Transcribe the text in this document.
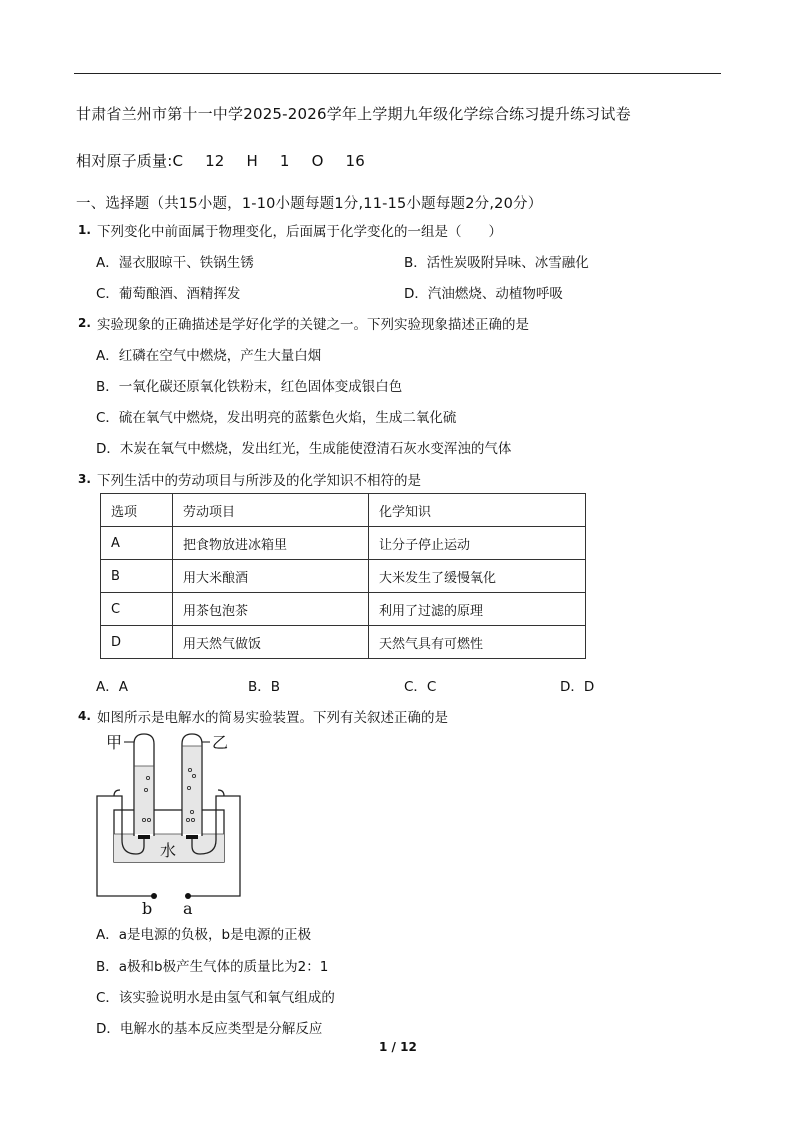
甘肃省兰州市第十一中学2025-2026学年上学期九年级化学综合练习提升练习试卷
相对原子质量:C  12  H  1  O  16
一、选择题（共15小题，1-10小题每题1分,11-15小题每题2分,20分）
1. 下列变化中前面属于物理变化，后面属于化学变化的一组是（　　）
A．湿衣服晾干、铁锅生锈	B．活性炭吸附异味、冰雪融化
C．葡萄酿酒、酒精挥发	D．汽油燃烧、动植物呼吸
2. 实验现象的正确描述是学好化学的关键之一。下列实验现象描述正确的是
A．红磷在空气中燃烧，产生大量白烟
B．一氧化碳还原氧化铁粉末，红色固体变成银白色
C．硫在氧气中燃烧，发出明亮的蓝紫色火焰，生成二氧化硫
D．木炭在氧气中燃烧，发出红光，生成能使澄清石灰水变浑浊的气体
3. 下列生活中的劳动项目与所涉及的化学知识不相符的是
选项	劳动项目	化学知识
A	把食物放进冰箱里	让分子停止运动
B	用大米酿酒	大米发生了缓慢氧化
C	用茶包泡茶	利用了过滤的原理
D	用天然气做饭	天然气具有可燃性
A．A	B．B	C．C	D．D
4. 如图所示是电解水的简易实验装置。下列有关叙述正确的是
甲	乙
水
b a
A．a是电源的负极，b是电源的正极
B．a极和b极产生气体的质量比为2：1
C．该实验说明水是由氢气和氧气组成的
D．电解水的基本反应类型是分解反应
1 / 12
